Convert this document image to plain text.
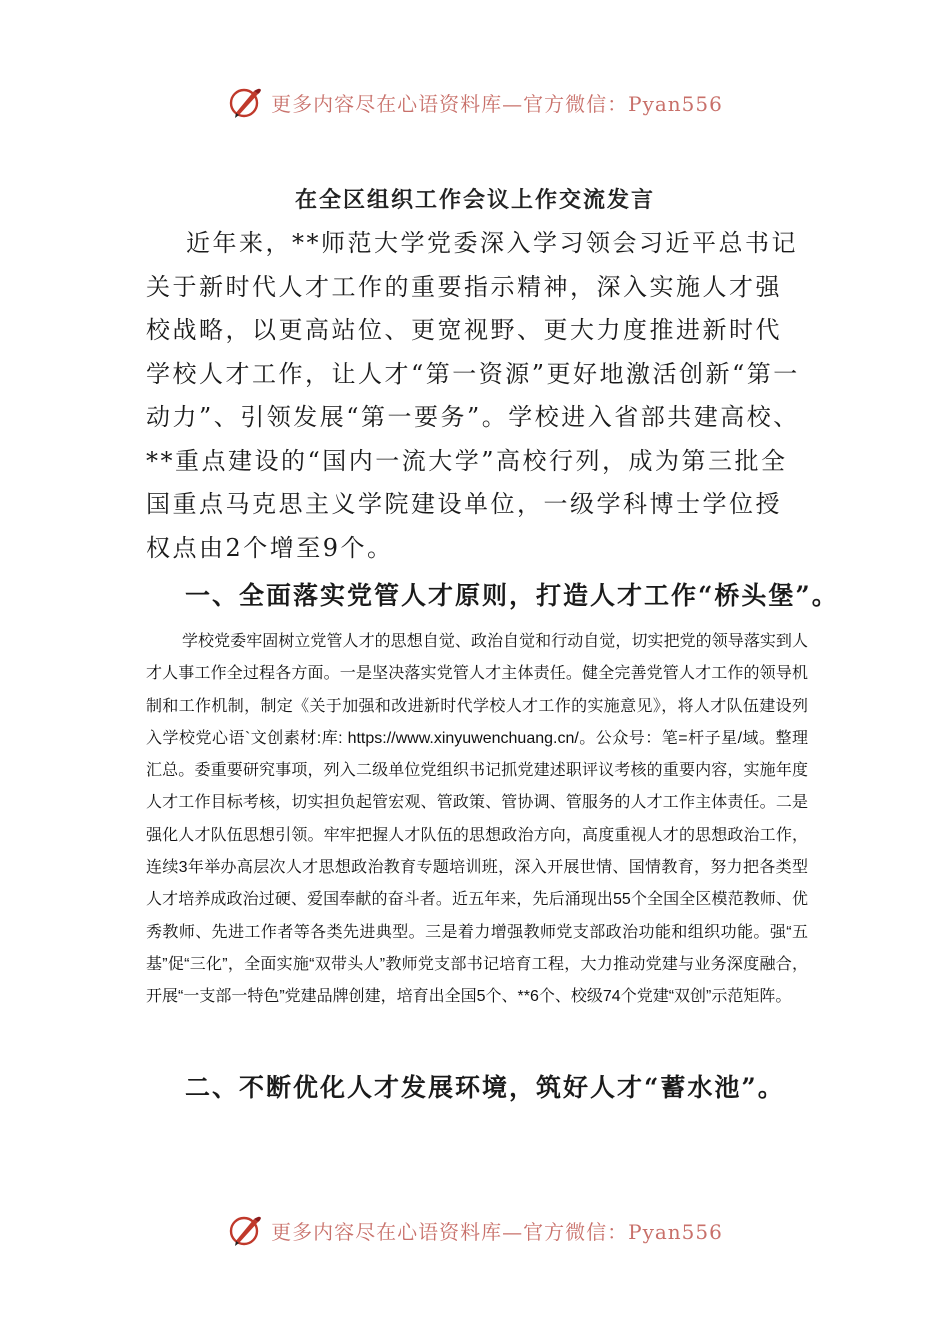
更多内容尽在心语资料库—官方微信：Pyan556
在全区组织工作会议上作交流发言

近年来，**师范大学党委深入学习领会习近平总书记关于新时代人才工作的重要指示精神，深入实施人才强校战略，以更高站位、更宽视野、更大力度推进新时代学校人才工作，让人才“第一资源”更好地激活创新“第一动力”、引领发展“第一要务”。学校进入省部共建高校、**重点建设的“国内一流大学”高校行列，成为第三批全国重点马克思主义学院建设单位，一级学科博士学位授权点由2个增至9个。

一、全面落实党管人才原则，打造人才工作“桥头堡”。

学校党委牢固树立党管人才的思想自觉、政治自觉和行动自觉，切实把党的领导落实到人才人事工作全过程各方面。一是坚决落实党管人才主体责任。健全完善党管人才工作的领导机制和工作机制，制定《关于加强和改进新时代学校人才工作的实施意见》，将人才队伍建设列入学校党心语`文创素材:库: https://www.xinyuwenchuang.cn/。公众号：笔=杆子星/域。整理汇总。委重要研究事项，列入二级单位党组织书记抓党建述职评议考核的重要内容，实施年度人才工作目标考核，切实担负起管宏观、管政策、管协调、管服务的人才工作主体责任。二是强化人才队伍思想引领。牢牢把握人才队伍的思想政治方向，高度重视人才的思想政治工作，连续3年举办高层次人才思想政治教育专题培训班，深入开展世情、国情教育，努力把各类型人才培养成政治过硬、爱国奉献的奋斗者。近五年来，先后涌现出55个全国全区模范教师、优秀教师、先进工作者等各类先进典型。三是着力增强教师党支部政治功能和组织功能。强“五基”促“三化”，全面实施“双带头人”教师党支部书记培育工程，大力推动党建与业务深度融合，开展“一支部一特色”党建品牌创建，培育出全国5个、**6个、校级74个党建“双创”示范矩阵。

二、不断优化人才发展环境，筑好人才“蓄水池”。
更多内容尽在心语资料库—官方微信：Pyan556
